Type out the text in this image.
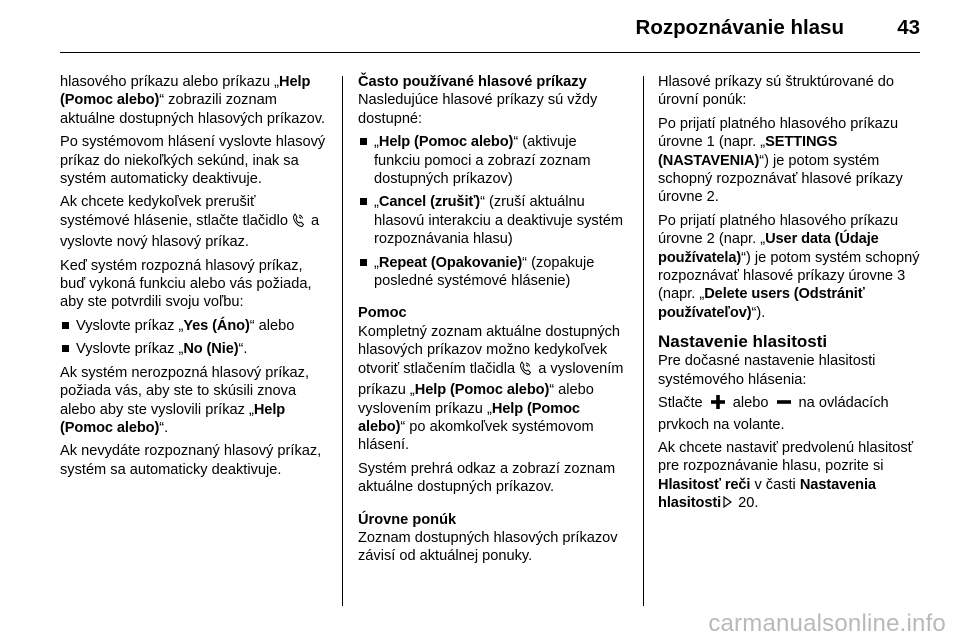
Rozpoznávanie hlasu	43

hlasového príkazu alebo príkazu „Help (Pomoc alebo)“ zobrazili zoznam aktuálne dostupných hlasových príkazov.

Po systémovom hlásení vyslovte hlasový príkaz do niekoľkých sekúnd, inak sa systém automaticky deaktivuje.

Ak chcete kedykoľvek prerušiť systémové hlásenie, stlačte tlačidlo  a vyslovte nový hlasový príkaz.

Keď systém rozpozná hlasový príkaz, buď vykoná funkciu alebo vás požiada, aby ste potvrdili svoju voľbu:

Vyslovte príkaz „Yes (Áno)“ alebo
Vyslovte príkaz „No (Nie)“.

Ak systém nerozpozná hlasový príkaz, požiada vás, aby ste to skúsili znova alebo aby ste vyslovili príkaz „Help (Pomoc alebo)“.

Ak nevydáte rozpoznaný hlasový príkaz, systém sa automaticky deaktivuje.

Často používané hlasové príkazy

Nasledujúce hlasové príkazy sú vždy dostupné:

„Help (Pomoc alebo)“ (aktivuje funkciu pomoci a zobrazí zoznam dostupných príkazov)
„Cancel (zrušiť)“ (zruší aktuálnu hlasovú interakciu a deaktivuje systém rozpoznávania hlasu)
„Repeat (Opakovanie)“ (zopakuje posledné systémové hlásenie)
Pomoc

Kompletný zoznam aktuálne dostupných hlasových príkazov možno kedykoľvek otvoriť stlačením tlačidla  a vyslovením príkazu „Help (Pomoc alebo)“ alebo vyslovením príkazu „Help (Pomoc alebo)“ po akomkoľvek systémovom hlásení.

Systém prehrá odkaz a zobrazí zoznam aktuálne dostupných príkazov.

Úrovne ponúk

Zoznam dostupných hlasových príkazov závisí od aktuálnej ponuky.

Hlasové príkazy sú štruktúrované do úrovní ponúk:

Po prijatí platného hlasového príkazu úrovne 1 (napr. „SETTINGS (NASTAVENIA)“) je potom systém schopný rozpoznávať hlasové príkazy úrovne 2.

Po prijatí platného hlasového príkazu úrovne 2 (napr. „User data (Údaje používatela)“) je potom systém schopný rozpoznávať hlasové príkazy úrovne 3 (napr. „Delete users (Odstrániť používateľov)“).

Nastavenie hlasitosti

Pre dočasné nastavenie hlasitosti systémového hlásenia:

Stlačte  alebo  na ovládacích prvkoch na volante.

Ak chcete nastaviť predvolenú hlasitosť pre rozpoznávanie hlasu, pozrite si Hlasitosť reči v časti Nastavenia hlasitosti 20.

carmanualsonline.info
